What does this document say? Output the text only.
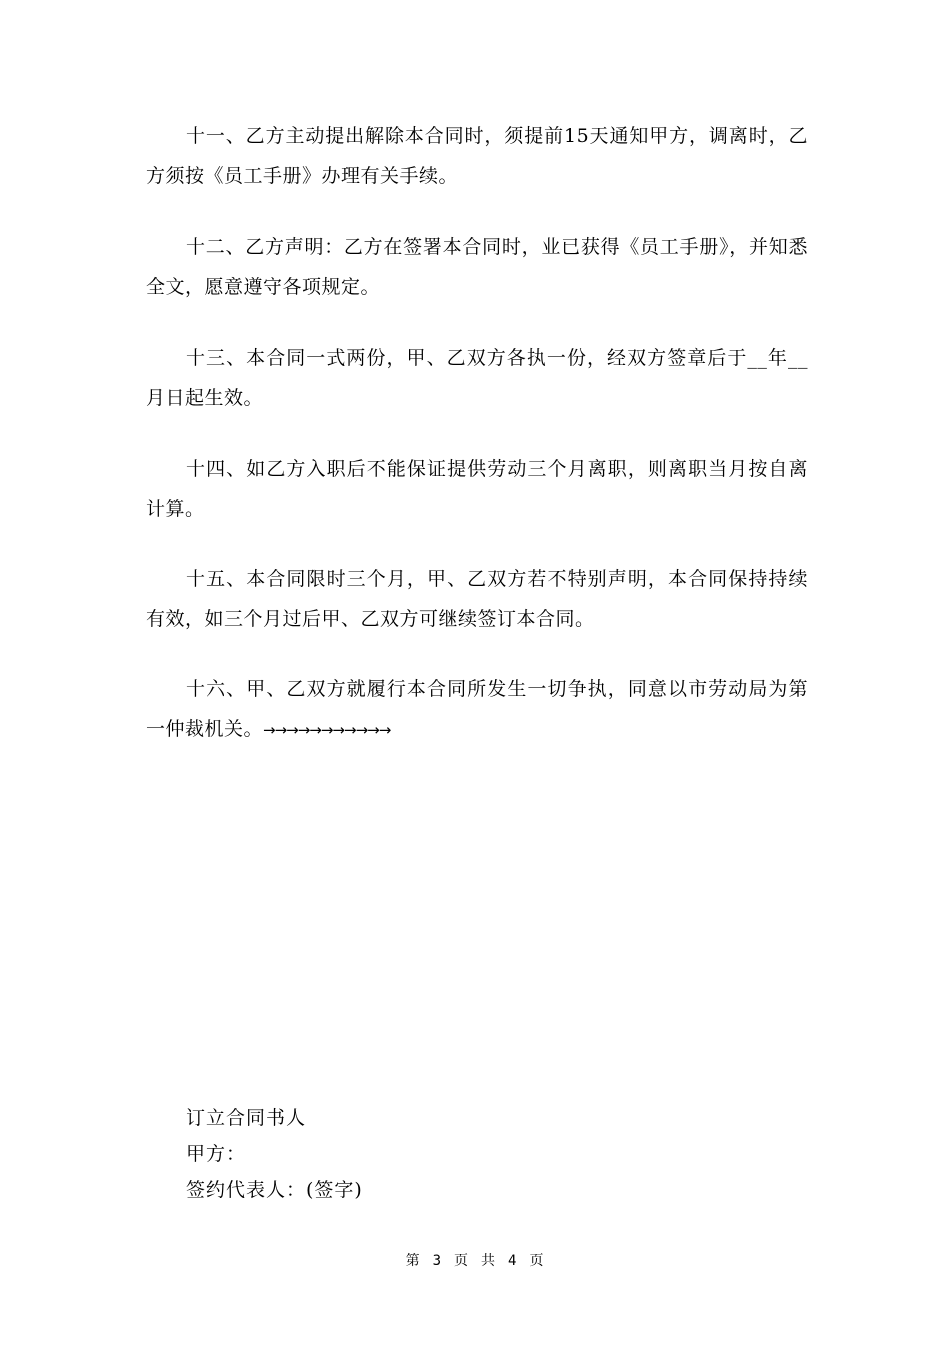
十一、乙方主动提出解除本合同时，须提前15天通知甲方，调离时，乙方须按《员工手册》办理有关手续。

十二、乙方声明：乙方在签署本合同时，业已获得《员工手册》，并知悉全文，愿意遵守各项规定。

十三、本合同一式两份，甲、乙双方各执一份，经双方签章后于__年__月日起生效。

十四、如乙方入职后不能保证提供劳动三个月离职，则离职当月按自离计算。

十五、本合同限时三个月，甲、乙双方若不特别声明，本合同保持持续有效，如三个月过后甲、乙双方可继续签订本合同。

十六、甲、乙双方就履行本合同所发生一切争执，同意以市劳动局为第一仲裁机关。→→→→→→→→→→→

订立合同书人

甲方：

签约代表人：(签字)

第 3 页 共 4 页
